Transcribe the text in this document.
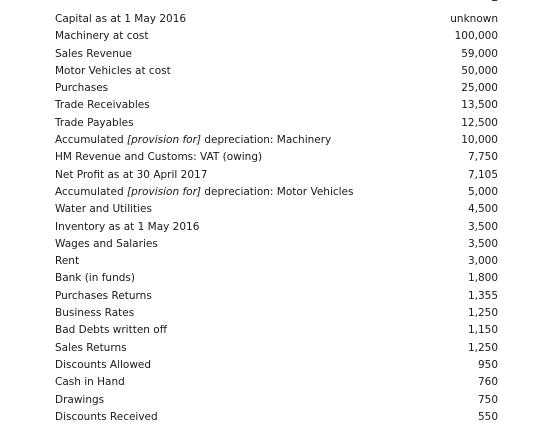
Capital as at 1 May 2016	unknown
Machinery at cost	100,000
Sales Revenue	59,000
Motor Vehicles at cost	50,000
Purchases	25,000
Trade Receivables	13,500
Trade Payables	12,500
Accumulated [provision for] depreciation: Machinery	10,000
HM Revenue and Customs: VAT (owing)	7,750
Net Profit as at 30 April 2017	7,105
Accumulated [provision for] depreciation: Motor Vehicles	5,000
Water and Utilities	4,500
Inventory as at 1 May 2016	3,500
Wages and Salaries	3,500
Rent	3,000
Bank (in funds)	1,800
Purchases Returns	1,355
Business Rates	1,250
Bad Debts written off	1,150
Sales Returns	1,250
Discounts Allowed	950
Cash in Hand	760
Drawings	750
Discounts Received	550
